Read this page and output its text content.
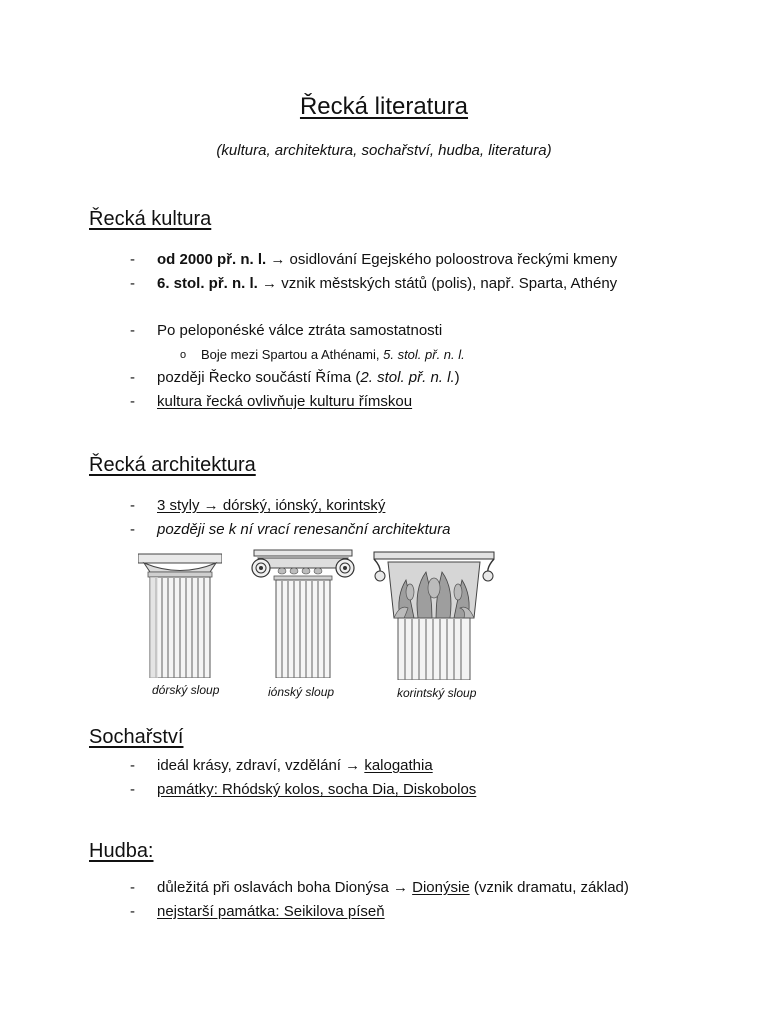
Řecká literatura
(kultura, architektura, sochařství, hudba, literatura)
Řecká kultura
- od 2000 př. n. l. → osidlování Egejského poloostrova řeckými kmeny
- 6. stol. př. n. l. → vznik městských států (polis), např. Sparta, Athény
- Po peloponéské válce ztráta samostatnosti
o Boje mezi Spartou a Athénami, 5. stol. př. n. l.
- později Řecko součástí Říma (2. stol. př. n. l.)
- kultura řecká ovlivňuje kulturu římskou
Řecká architektura
- 3 styly → dórský, iónský, korintský
- později se k ní vrací renesanční architektura
dórský sloup	iónský sloup	korintský sloup
Sochařství
- ideál krásy, zdraví, vzdělání → kalogathia
- památky: Rhódský kolos, socha Dia, Diskobolos
Hudba:
- důležitá při oslavách boha Dionýsa → Dionýsie (vznik dramatu, základ)
- nejstarší památka: Seikilova píseň
